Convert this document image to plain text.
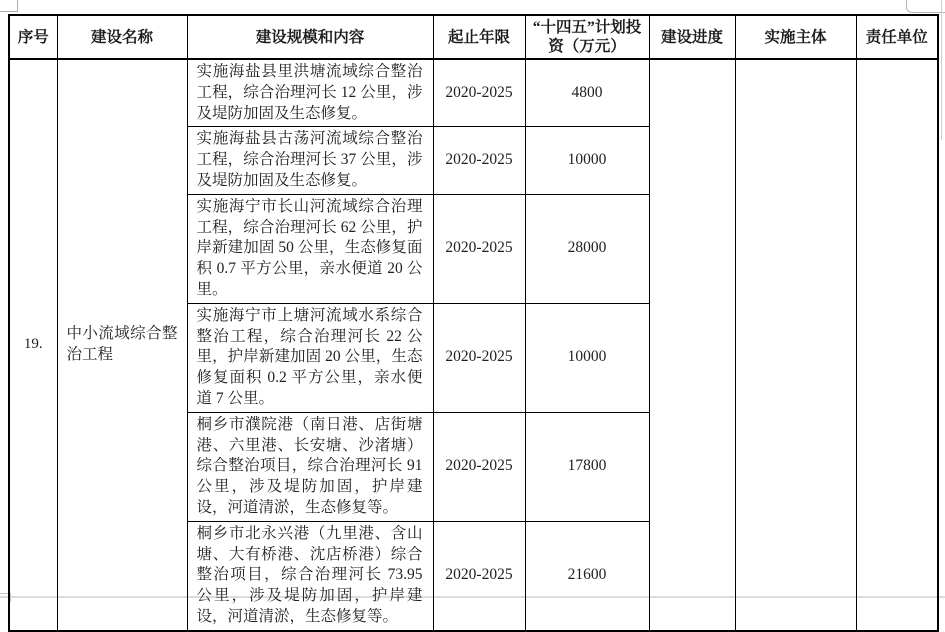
序号	建设名称	建设规模和内容	起止年限	“十四五”计划投资（万元）	建设进度	实施主体	责任单位
19.	中小流域综合整治工程	实施海盐县里洪塘流域综合整治工程，综合治理河长 12 公里，涉及堤防加固及生态修复。	2020-2025	4800			
		实施海盐县古荡河流域综合整治工程，综合治理河长 37 公里，涉及堤防加固及生态修复。	2020-2025	10000			
		实施海宁市长山河流域综合治理工程，综合治理河长 62 公里，护岸新建加固 50 公里，生态修复面积 0.7 平方公里，亲水便道 20 公里。	2020-2025	28000			
		实施海宁市上塘河流域水系综合整治工程，综合治理河长 22 公里，护岸新建加固 20 公里，生态修复面积 0.2 平方公里，亲水便道 7 公里。	2020-2025	10000			
		桐乡市濮院港（南日港、店街塘港、六里港、长安塘、沙渚塘）综合整治项目，综合治理河长 91 公里，涉及堤防加固，护岸建设，河道清淤，生态修复等。	2020-2025	17800			
		桐乡市北永兴港（九里港、含山塘、大有桥港、沈店桥港）综合整治项目，综合治理河长 73.95 公里，涉及堤防加固，护岸建设，河道清淤，生态修复等。	2020-2025	21600			
